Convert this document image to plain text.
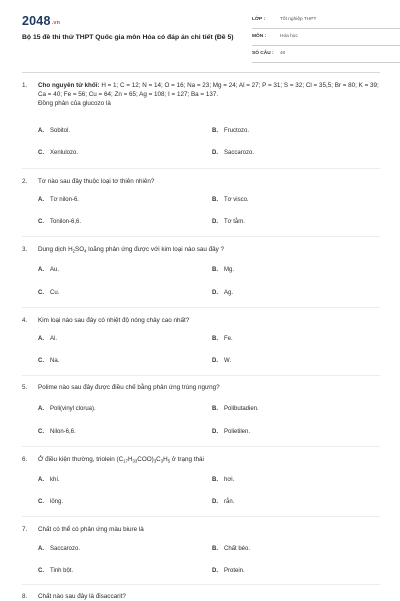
2048.vn
Bộ 15 đề thi thử THPT Quốc gia môn Hóa có đáp án chi tiết (Đề 5)
LỚP :	Tốt nghiệp THPT
MÔN :	Hóa học
SỐ CÂU : 40
1.	Cho nguyên tử khối: H = 1; C = 12; N = 14; O = 16; Na = 23; Mg = 24; Al = 27; P = 31; S = 32; Cl = 35,5; Br = 80; K = 39; Ca = 40; Fe = 56; Cu = 64; Zn = 65; Ag = 108; I = 127; Ba = 137.
Đồng phân của glucozo là
A. Sobitol.	B. Fructozo.
C. Xenlulozo.	D. Saccarozo.
2.	Tơ nào sau đây thuộc loại tơ thiên nhiên?
A. Tơ nilon-6.	B. Tơ visco.
C. Tonilon-6,6.	D. Tơ tằm.
3.	Dung dịch $H_2SO_4$ loãng phản ứng được với kim loại nào sau đây ?
A. Au.	B. Mg.
C. Cu.	D. Ag.
4.	Kim loại nào sau đây có nhiệt độ nóng chảy cao nhất?
A. Al.	B. Fe.
C. Na.	D. W.
5.	Polime nào sau đây được điều chế bằng phản ứng trùng ngưng?
A. Poli(vinyl clorua).	B. Polibutadien.
C. Nilon-6,6.	D. Polietilen.
6.	Ở điều kiện thường, triolein $(C_{17}H_{33}COO)_3C_3H_5$ ở trạng thái
A. khí.	B. hơi.
C. lỏng.	D. rắn.
7.	Chất có thể có phản ứng màu biure là
A. Saccarozo.	B. Chất béo.
C. Tinh bột.	D. Protein.
8.	Chất nào sau đây là đisaccarit?
